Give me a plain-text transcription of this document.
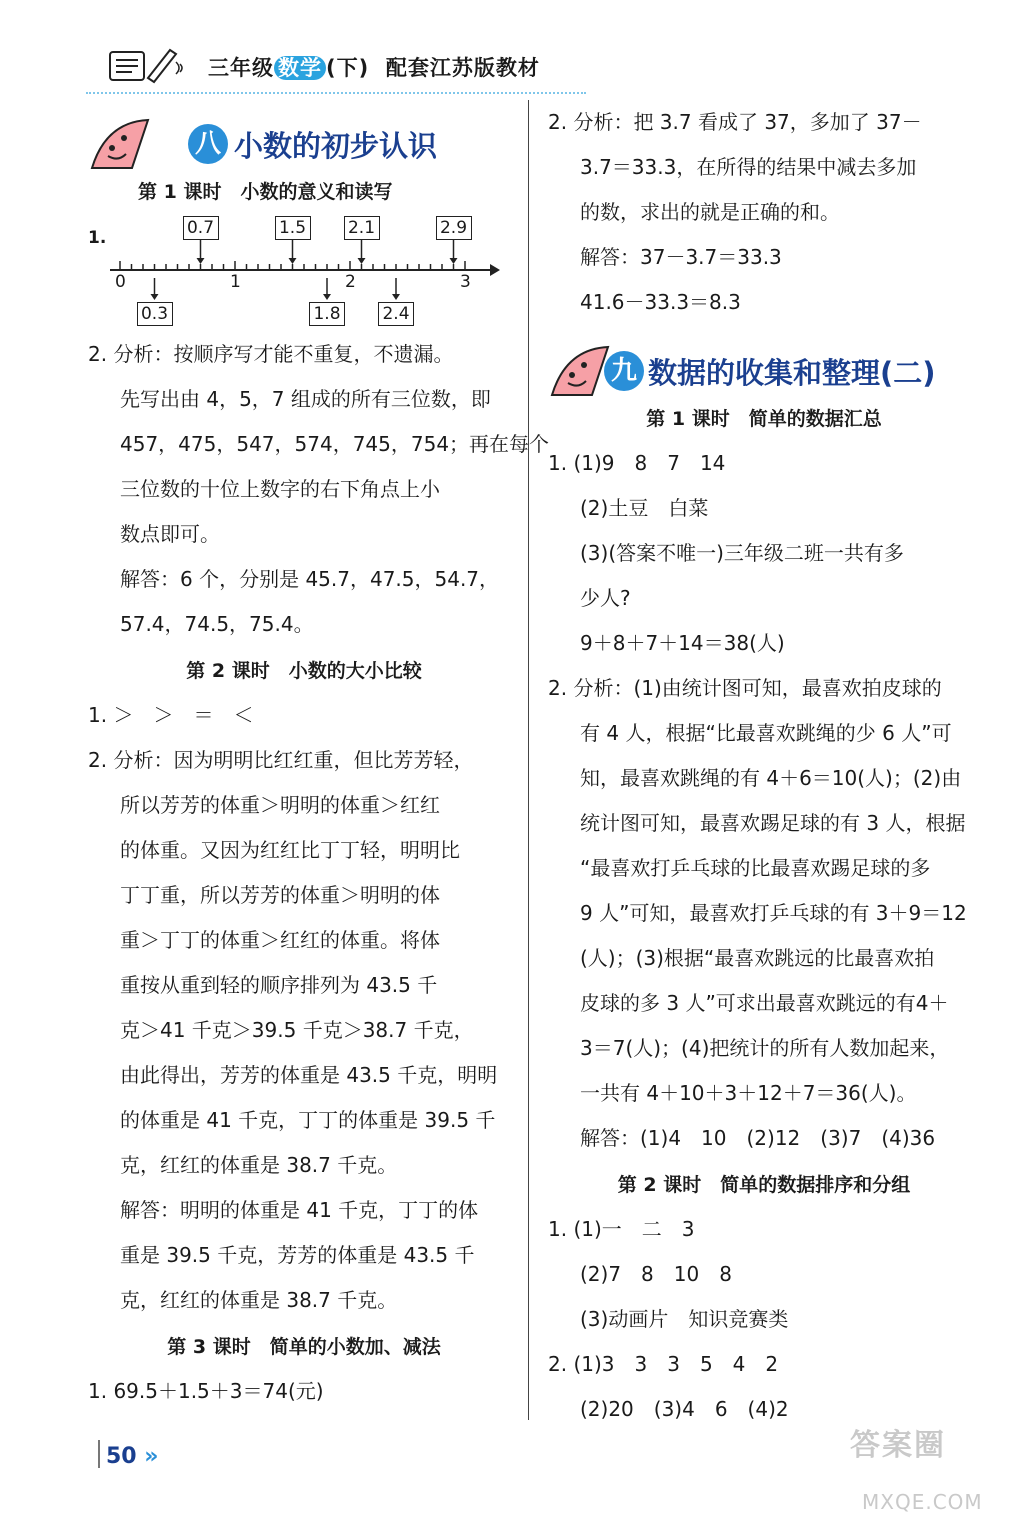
三年级 数学 (下) 配套江苏版教材
八 小数的初步认识
第 1 课时　小数的意义和读写
1.
0	1	2	3
0.7	1.5 2.1	2.9
0.3	1.8 2.4

2. 分析：按顺序写才能不重复，不遗漏。

先写出由 4，5，7 组成的所有三位数，即

457，475，547，574，745，754；再在每个

三位数的十位上数字的右下角点上小

数点即可。

解答：6 个，分别是 45.7，47.5，54.7，

57.4，74.5，75.4。

第 2 课时　小数的大小比较

1. ＞　＞　＝　＜

2. 分析：因为明明比红红重，但比芳芳轻，

所以芳芳的体重＞明明的体重＞红红

的体重。又因为红红比丁丁轻，明明比

丁丁重，所以芳芳的体重＞明明的体

重＞丁丁的体重＞红红的体重。将体

重按从重到轻的顺序排列为 43.5 千

克＞41 千克＞39.5 千克＞38.7 千克，

由此得出，芳芳的体重是 43.5 千克，明明

的体重是 41 千克，丁丁的体重是 39.5 千

克，红红的体重是 38.7 千克。

解答：明明的体重是 41 千克，丁丁的体

重是 39.5 千克，芳芳的体重是 43.5 千

克，红红的体重是 38.7 千克。

第 3 课时　简单的小数加、减法

1. 69.5＋1.5＋3＝74(元)

2. 分析：把 3.7 看成了 37，多加了 37－

3.7＝33.3，在所得的结果中减去多加

的数，求出的就是正确的和。

解答：37－3.7＝33.3

41.6－33.3＝8.3

九 数据的收集和整理(二)
第 1 课时　简单的数据汇总

1. (1)9　8　7　14

(2)土豆　白菜

(3)(答案不唯一)三年级二班一共有多

少人?

9＋8＋7＋14＝38(人)

2. 分析：(1)由统计图可知，最喜欢拍皮球的

有 4 人，根据“比最喜欢跳绳的少 6 人”可

知，最喜欢跳绳的有 4＋6＝10(人)；(2)由

统计图可知，最喜欢踢足球的有 3 人，根据

“最喜欢打乒乓球的比最喜欢踢足球的多

9 人”可知，最喜欢打乒乓球的有 3＋9＝12

(人)；(3)根据“最喜欢跳远的比最喜欢拍

皮球的多 3 人”可求出最喜欢跳远的有4＋

3＝7(人)；(4)把统计的所有人数加起来，

一共有 4＋10＋3＋12＋7＝36(人)。

解答：(1)4　10　(2)12　(3)7　(4)36

第 2 课时　简单的数据排序和分组

1. (1)一　二　3

(2)7　8　10　8

(3)动画片　知识竞赛类

2. (1)3　3　3　5　4　2

(2)20　(3)4　6　(4)2

50 »	答案圈
MXQE.COM
